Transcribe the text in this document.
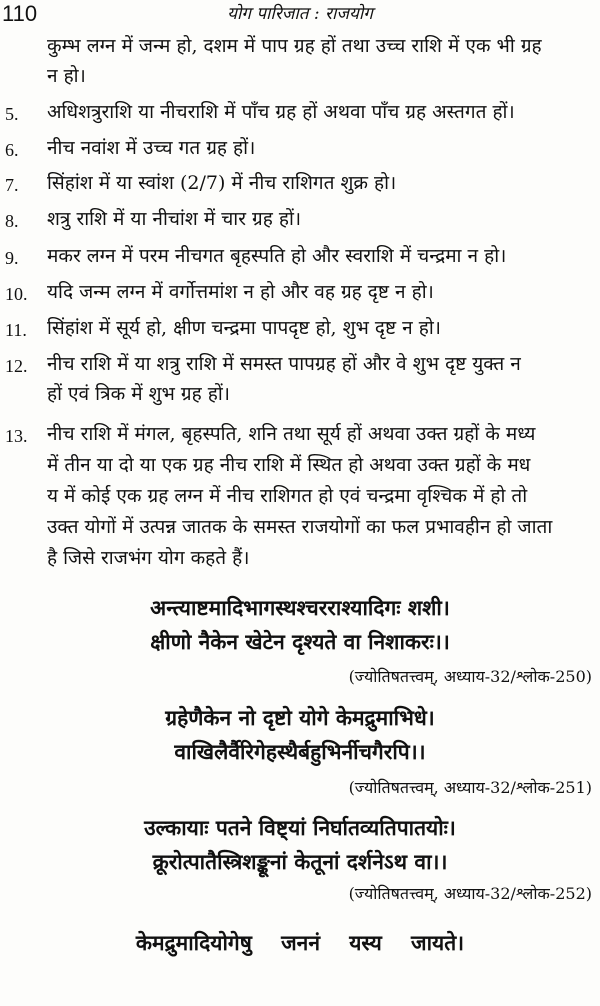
110	योग पारिजात : राजयोग
कुम्भ लग्न में जन्म हो, दशम में पाप ग्रह हों तथा उच्च राशि में एक भी ग्रह
न हो।
5. अधिशत्रुराशि या नीचराशि में पाँच ग्रह हों अथवा पाँच ग्रह अस्तगत हों।
6. नीच नवांश में उच्च गत ग्रह हों।
7. सिंहांश में या स्वांश (2/7) में नीच राशिगत शुक्र हो।
8. शत्रु राशि में या नीचांश में चार ग्रह हों।
9. मकर लग्न में परम नीचगत बृहस्पति हो और स्वराशि में चन्द्रमा न हो।
10. यदि जन्म लग्न में वर्गोत्तमांश न हो और वह ग्रह दृष्ट न हो।
11. सिंहांश में सूर्य हो, क्षीण चन्द्रमा पापदृष्ट हो, शुभ दृष्ट न हो।
12. नीच राशि में या शत्रु राशि में समस्त पापग्रह हों और वे शुभ दृष्ट युक्त न
हों एवं त्रिक में शुभ ग्रह हों।
13. नीच राशि में मंगल, बृहस्पति, शनि तथा सूर्य हों अथवा उक्त ग्रहों के मध्य
में तीन या दो या एक ग्रह नीच राशि में स्थित हो अथवा उक्त ग्रहों के मध
य में कोई एक ग्रह लग्न में नीच राशिगत हो एवं चन्द्रमा वृश्चिक में हो तो
उक्त योगों में उत्पन्न जातक के समस्त राजयोगों का फल प्रभावहीन हो जाता
है जिसे राजभंग योग कहते हैं।
अन्त्याष्टमादिभागस्थश्चरराश्यादिगः शशी।
क्षीणो नैकेन खेटेन दृश्यते वा निशाकरः।।
(ज्योतिषतत्त्वम्, अध्याय-32/श्लोक-250)
ग्रहेणैकेन नो दृष्टो योगे केमद्रुमाभिधे।
वाखिलैर्वैरिगेहस्थैर्बहुभिर्नीचगैरपि।।
(ज्योतिषतत्त्वम्, अध्याय-32/श्लोक-251)
उल्कायाः पतने विष्ट्यां निर्घातव्यतिपातयोः।
क्रूरोत्पातैस्त्रिशङ्कूनां केतूनां दर्शनेऽथ वा।।
(ज्योतिषतत्त्वम्, अध्याय-32/श्लोक-252)
केमद्रुमादियोगेषु    जननं    यस्य    जायते।
